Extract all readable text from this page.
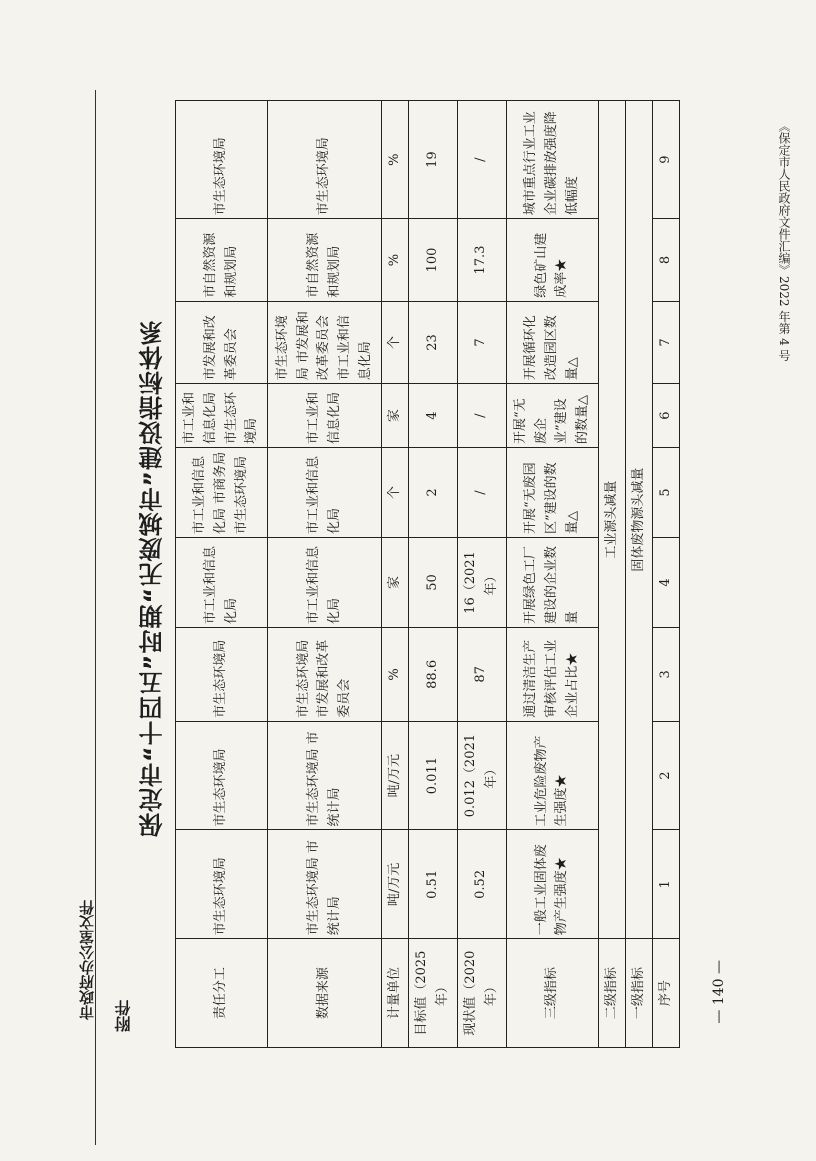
市政府办公室文件
《保定市人民政府文件汇编》2022 年第 4 号
附件
保定市“十四五”时期“无废城市”建设指标体系
— 140 —
责任分工	市生态环境局	市生态环境局	市生态环境局	市工业和信息化局	市工业和信息化局 市商务局 市生态环境局	市工业和信息化局 市生态环境局	市发展和改革委员会	市自然资源和规划局	市生态环境局
数据来源	市生态环境局 市统计局	市生态环境局 市统计局	市生态环境局 市发展和改革委员会	市工业和信息化局	市工业和信息化局	市工业和信息化局	市生态环境局 市发展和改革委员会 市工业和信息化局	市自然资源和规划局	市生态环境局
计量单位	吨/万元	吨/万元	%	家	个	家	个	%	%
目标值（2025 年）	0.51	0.011	88.6	50	2	4	23	100	19
现状值（2020 年）	0.52	0.012（2021 年）	87	16（2021 年）	/	/	7	17.3	/
三级指标	一般工业固体废物产生强度★	工业危险废物产生强度★	通过清洁生产审核评估工业企业占比★	开展绿色工厂建设的企业数量	开展“无废园区”建设的数量△	开展“无废企业”建设的数量△	开展循环化改造园区数量△	绿色矿山建成率★	城市重点行业工业企业碳排放强度降低幅度
二级指标	工业源头减量								
一级指标	固体废物源头减量								
序号	1	2	3	4	5	6	7	8	9
